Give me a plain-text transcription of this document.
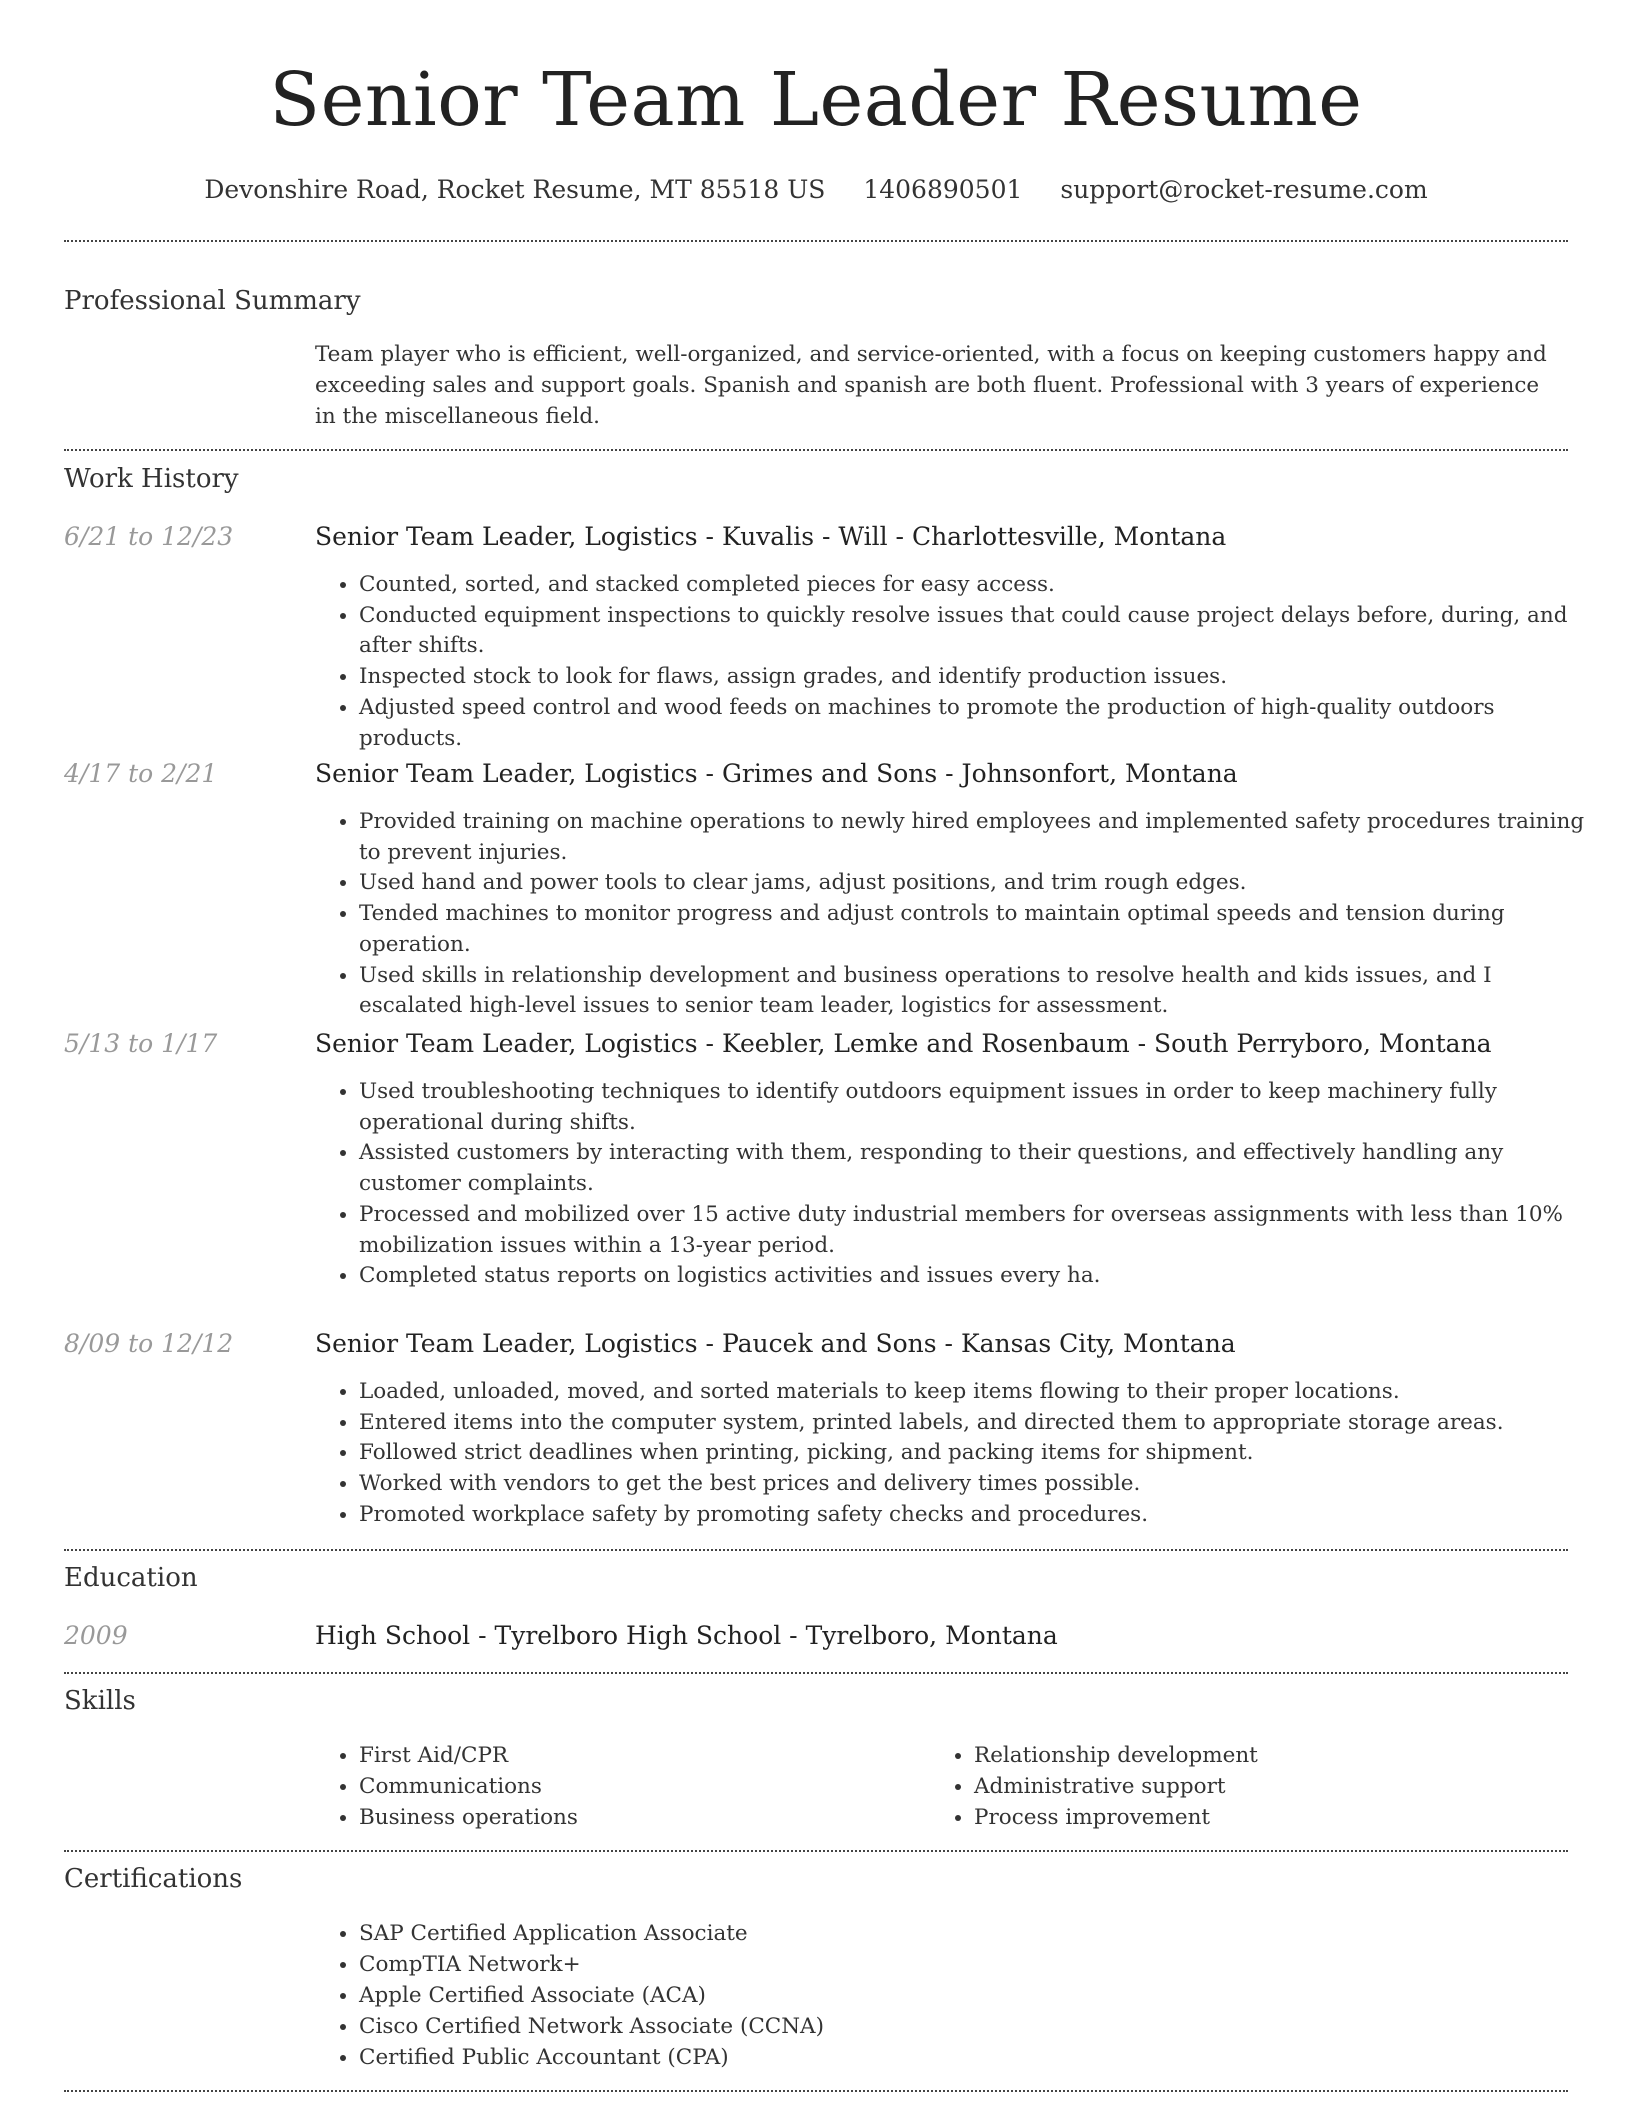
Senior Team Leader Resume
Devonshire Road, Rocket Resume, MT 85518 US 1406890501 support@rocket-resume.com
Professional Summary
Team player who is efficient, well-organized, and service-oriented, with a focus on keeping customers happy and exceeding sales and support goals. Spanish and spanish are both fluent. Professional with 3 years of experience in the miscellaneous field.
Work History
6/21 to 12/23	Senior Team Leader, Logistics - Kuvalis - Will - Charlottesville, Montana
• Counted, sorted, and stacked completed pieces for easy access.
• Conducted equipment inspections to quickly resolve issues that could cause project delays before, during, and after shifts.
• Inspected stock to look for flaws, assign grades, and identify production issues.
• Adjusted speed control and wood feeds on machines to promote the production of high-quality outdoors products.
4/17 to 2/21	Senior Team Leader, Logistics - Grimes and Sons - Johnsonfort, Montana
• Provided training on machine operations to newly hired employees and implemented safety procedures training to prevent injuries.
• Used hand and power tools to clear jams, adjust positions, and trim rough edges.
• Tended machines to monitor progress and adjust controls to maintain optimal speeds and tension during operation.
• Used skills in relationship development and business operations to resolve health and kids issues, and I escalated high-level issues to senior team leader, logistics for assessment.
5/13 to 1/17	Senior Team Leader, Logistics - Keebler, Lemke and Rosenbaum - South Perryboro, Montana
• Used troubleshooting techniques to identify outdoors equipment issues in order to keep machinery fully operational during shifts.
• Assisted customers by interacting with them, responding to their questions, and effectively handling any customer complaints.
• Processed and mobilized over 15 active duty industrial members for overseas assignments with less than 10% mobilization issues within a 13-year period.
• Completed status reports on logistics activities and issues every ha.
8/09 to 12/12	Senior Team Leader, Logistics - Paucek and Sons - Kansas City, Montana
• Loaded, unloaded, moved, and sorted materials to keep items flowing to their proper locations.
• Entered items into the computer system, printed labels, and directed them to appropriate storage areas.
• Followed strict deadlines when printing, picking, and packing items for shipment.
• Worked with vendors to get the best prices and delivery times possible.
• Promoted workplace safety by promoting safety checks and procedures.
Education
2009	High School - Tyrelboro High School - Tyrelboro, Montana
Skills
• First Aid/CPR
• Communications
• Business operations
• Relationship development
• Administrative support
• Process improvement
Certifications
• SAP Certified Application Associate
• CompTIA Network+
• Apple Certified Associate (ACA)
• Cisco Certified Network Associate (CCNA)
• Certified Public Accountant (CPA)
